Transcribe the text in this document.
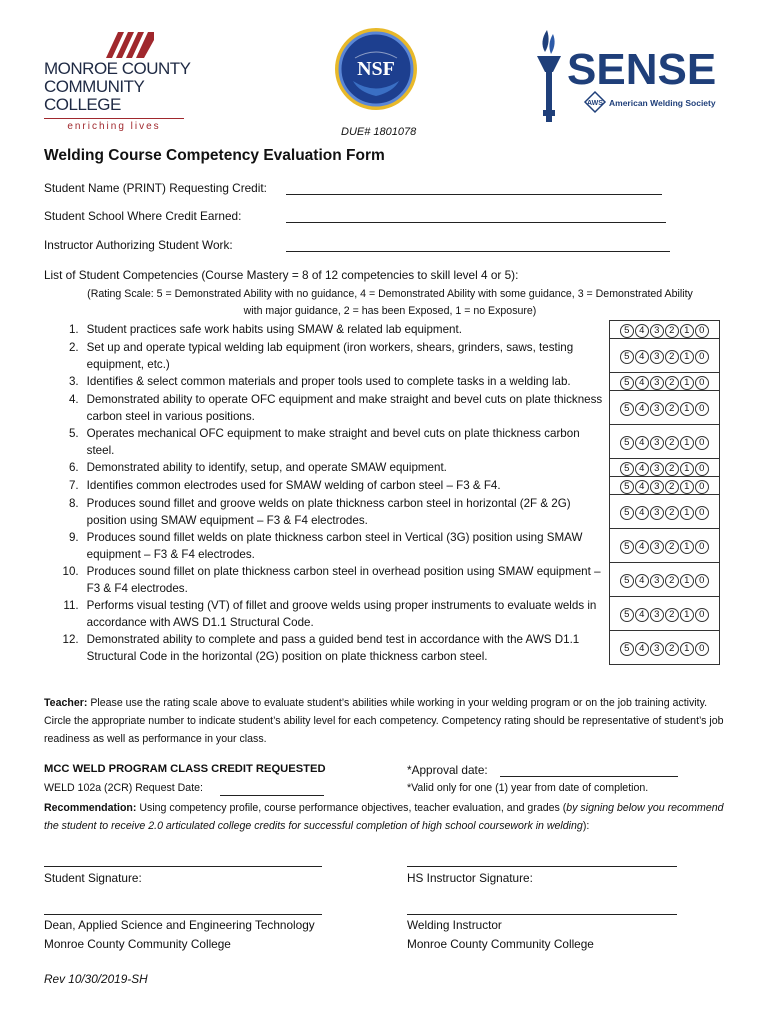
MONROE COUNTY
COMMUNITY COLLEGE
enriching lives
NSF	SENSE
AWS American Welding Society
DUE# 1801078
Welding Course Competency Evaluation Form
Student Name (PRINT) Requesting Credit:
Student School Where Credit Earned:
Instructor Authorizing Student Work:
List of Student Competencies (Course Mastery = 8 of 12 competencies to skill level 4 or 5):
(Rating Scale: 5 = Demonstrated Ability with no guidance, 4 = Demonstrated Ability with some guidance, 3 = Demonstrated Ability
with major guidance, 2 = has been Exposed, 1 = no Exposure)
1.	Student practices safe work habits using SMAW & related lab equipment.	5 4 3 2 1 0
2.	Set up and operate typical welding lab equipment (iron workers, shears, grinders, saws, testing equipment, etc.)	5 4 3 2 1 0
3.	Identifies & select common materials and proper tools used to complete tasks in a welding lab.	5 4 3 2 1 0
4.	Demonstrated ability to operate OFC equipment and make straight and bevel cuts on plate thickness carbon steel in various positions.	5 4 3 2 1 0
5.	Operates mechanical OFC equipment to make straight and bevel cuts on plate thickness carbon steel.	5 4 3 2 1 0
6.	Demonstrated ability to identify, setup, and operate SMAW equipment.	5 4 3 2 1 0
7.	Identifies common electrodes used for SMAW welding of carbon steel – F3 & F4.	5 4 3 2 1 0
8.	Produces sound fillet and groove welds on plate thickness carbon steel in horizontal (2F & 2G) position using SMAW equipment – F3 & F4 electrodes.	5 4 3 2 1 0
9.	Produces sound fillet welds on plate thickness carbon steel in Vertical (3G) position using SMAW equipment – F3 & F4 electrodes.	5 4 3 2 1 0
10.	Produces sound fillet on plate thickness carbon steel in overhead position using SMAW equipment – F3 & F4 electrodes.	5 4 3 2 1 0
11.	Performs visual testing (VT) of fillet and groove welds using proper instruments to evaluate welds in accordance with AWS D1.1 Structural Code.	5 4 3 2 1 0
12.	Demonstrated ability to complete and pass a guided bend test in accordance with the AWS D1.1 Structural Code in the horizontal (2G) position on plate thickness carbon steel.	5 4 3 2 1 0
Teacher: Please use the rating scale above to evaluate student’s abilities while working in your welding program or on the job training activity. Circle the appropriate number to indicate student’s ability level for each competency. Competency rating should be representative of student’s job readiness as well as performance in your class.
MCC WELD PROGRAM CLASS CREDIT REQUESTED	*Approval date:
WELD 102a (2CR) Request Date:	*Valid only for one (1) year from date of completion.
Recommendation: Using competency profile, course performance objectives, teacher evaluation, and grades (by signing below you recommend the student to receive 2.0 articulated college credits for successful completion of high school coursework in welding):
Student Signature:	HS Instructor Signature:
Dean, Applied Science and Engineering Technology
Monroe County Community College
Welding Instructor
Monroe County Community College
Rev 10/30/2019-SH
